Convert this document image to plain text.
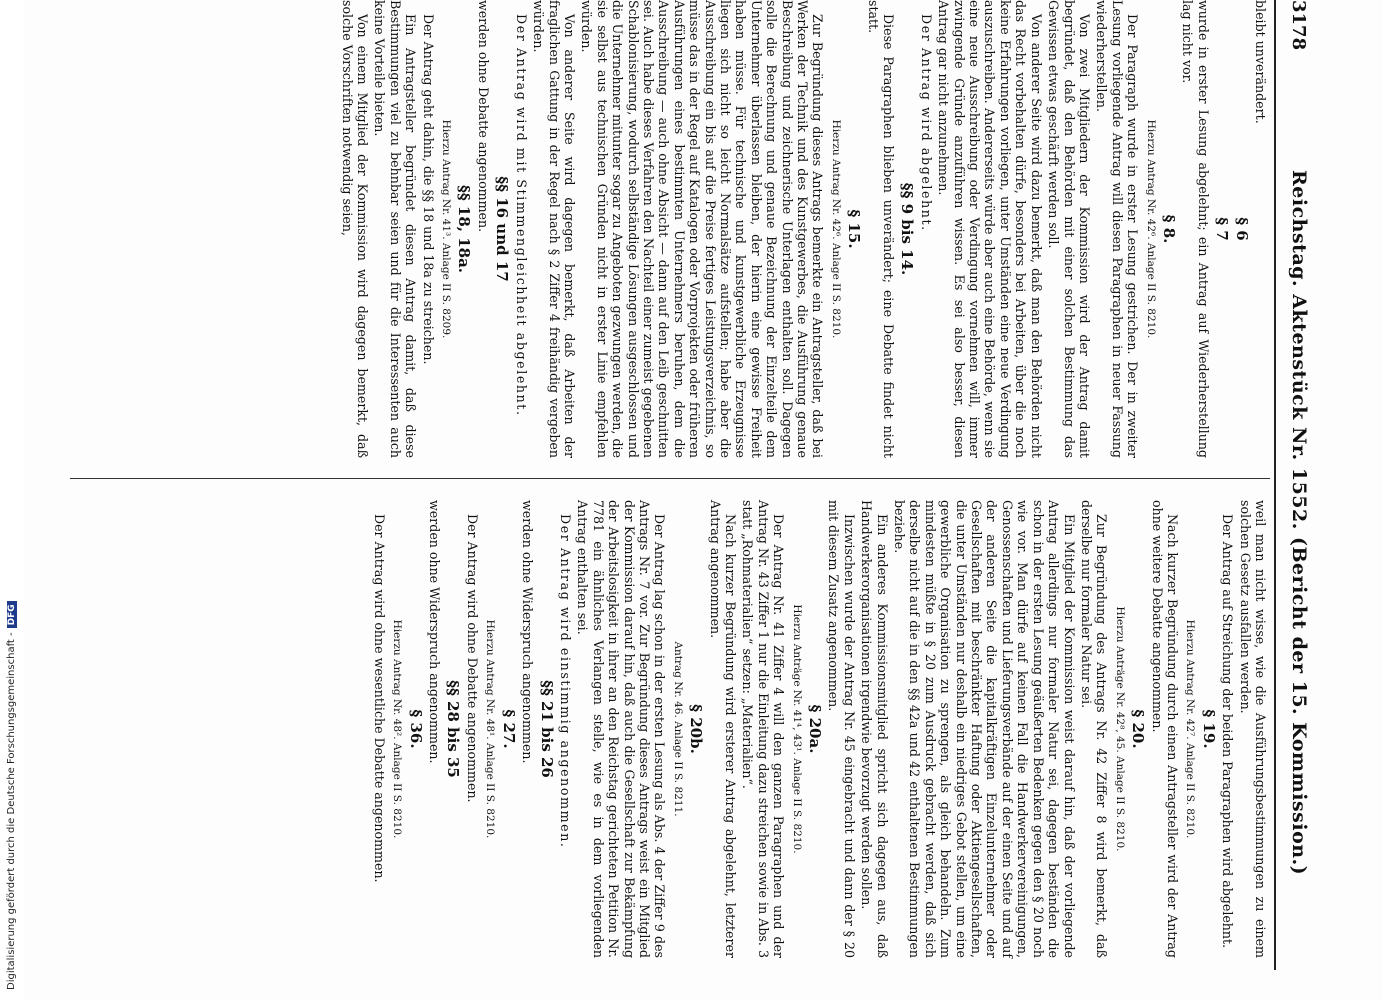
3178
Reichstag. Aktenstück Nr. 1552. (Bericht der 15. Kommission.)

bleibt unverändert.

§ 6
§ 7

wurde in erster Lesung abgelehnt; ein Antrag auf Wiederherstellung lag nicht vor.

§ 8.
Hierzu Antrag Nr. 42⁶. Anlage II S. 8210.

Der Paragraph wurde in erster Lesung gestrichen. Der in zweiter Lesung vorliegende Antrag will diesen Paragraphen in neuer Fassung wiederherstellen.

Von zwei Mitgliedern der Kommission wird der Antrag damit begründet, daß den Behörden mit einer solchen Bestimmung das Gewissen etwas geschärft werden soll.

Von anderer Seite wird dazu bemerkt, daß man den Behörden nicht das Recht vorbehalten dürfe, besonders bei Arbeiten, über die noch keine Erfahrungen vorliegen, unter Umständen eine neue Verdingung auszuschreiben. Andererseits würde aber auch eine Behörde, wenn sie eine neue Ausschreibung oder Verdingung vornehmen will, immer zwingende Gründe anzuführen wissen. Es sei also besser, diesen Antrag gar nicht anzunehmen.

Der Antrag wird abgelehnt.

§§ 9 bis 14.

Diese Paragraphen blieben unverändert; eine Debatte findet nicht statt.

§ 15.
Hierzu Antrag Nr. 42⁶. Anlage II S. 8210.

Zur Begründung dieses Antrags bemerkte ein Antragsteller, daß bei Werken der Technik und des Kunstgewerbes, die Ausführung genaue Beschreibung und zeichnerische Unterlagen enthalten soll. Dagegen solle die Berechnung und genaue Bezeichnung der Einzelteile dem Unternehmer überlassen bleiben, der hierin eine gewisse Freiheit haben müsse. Für technische und kunstgewerbliche Erzeugnisse liegen sich nicht so leicht Normalsätze aufstellen; habe aber die Ausschreibung ein bis auf die Preise fertiges Leistungsverzeichnis, so müsse das in der Regel auf Katalogen oder Vorprojekten oder früheren Ausführungen eines bestimmten Unternehmers beruhen, dem die Ausschreibung — auch ohne Absicht — dann auf den Leib geschnitten sei. Auch habe dieses Verfahren den Nachteil einer zumeist gegebenen Schablonisierung, wodurch selbständige Lösungen ausgeschlossen und die Unternehmer mitunter sogar zu Angeboten gezwungen werden, die sie selbst aus technischen Gründen nicht in erster Linie empfehlen würden.

Von anderer Seite wird dagegen bemerkt, daß Arbeiten der fraglichen Gattung in der Regel nach § 2 Ziffer 4 freihändig vergeben würden.

Der Antrag wird mit Stimmengleichheit abgelehnt.

§§ 16 und 17

werden ohne Debatte angenommen.

§§ 18, 18a.
Hierzu Antrag Nr. 41³. Anlage II S. 8209.

Der Antrag geht dahin, die §§ 18 und 18a zu streichen.

Ein Antragsteller begründet diesen Antrag damit, daß diese Bestimmungen viel zu behnbar seien und für die Interessenten auch keine Vorteile bieten.

Von einem Mitglied der Kommission wird dagegen bemerkt, daß solche Vorschriften notwendig seien,

weil man nicht wisse, wie die Ausführungsbestimmungen zu einem solchen Gesetz ausfallen werden.

Der Antrag auf Streichung der beiden Paragraphen wird abgelehnt.

§ 19.
Hierzu Antrag Nr. 42⁷. Anlage II S. 8210.

Nach kurzer Begründung durch einen Antragsteller wird der Antrag ohne weitere Debatte angenommen.

§ 20.
Hierzu Anträge Nr. 42⁸, 45. Anlage II S. 8210.

Zur Begründung des Antrags Nr. 42 Ziffer 8 wird bemerkt, daß derselbe nur formaler Natur sei.

Ein Mitglied der Kommission weist darauf hin, daß der vorliegende Antrag allerdings nur formaler Natur sei, dagegen beständen die schon in der ersten Lesung geäußerten Bedenken gegen den § 20 noch wie vor. Man dürfe auf keinen Fall die Handwerkervereinigungen, Genossenschaften und Lieferungsverbände auf der einen Seite und auf der anderen Seite die kapitalkräftigen Einzelunternehmer oder Gesellschaften mit beschränkter Haftung oder Aktiengesellschaften, die unter Umständen nur deshalb ein niedriges Gebot stellen, um eine gewerbliche Organisation zu sprengen, als gleich behandeln. Zum mindesten müßte in § 20 zum Ausdruck gebracht werden, daß sich derselbe nicht auf die in den §§ 42a und 42 enthaltenen Bestimmungen beziehe.

Ein anderes Kommissionsmitglied spricht sich dagegen aus, daß Handwerkerorganisationen irgendwie bevorzugt werden sollen.

Inzwischen wurde der Antrag Nr. 45 eingebracht und dann der § 20 mit diesem Zusatz angenommen.

§ 20a.
Hierzu Anträge Nr. 41⁴, 43¹. Anlage II S. 8210.

Der Antrag Nr. 41 Ziffer 4 will den ganzen Paragraphen und der Antrag Nr. 43 Ziffer 1 nur die Einleitung dazu streichen sowie in Abs. 3 statt „Rohmaterialien“ setzen: „Materialien“.

Nach kurzer Begründung wird ersterer Antrag abgelehnt, letzterer Antrag angenommen.

§ 20b.
Antrag Nr. 46. Anlage II S. 8211.

Der Antrag lag schon in der ersten Lesung als Abs. 4 der Ziffer 9 des Antrags Nr. 7 vor. Zur Begründung dieses Antrags weist ein Mitglied der Kommission darauf hin, daß auch die Gesellschaft zur Bekämpfung der Arbeitslosigkeit in ihrer an den Reichstag gerichteten Petition Nr. 7781 ein ähnliches Verlangen stelle, wie es in dem vorliegenden Antrag enthalten sei.

Der Antrag wird einstimmig angenommen.

§§ 21 bis 26

werden ohne Widerspruch angenommen.

§ 27.
Hierzu Antrag Nr. 48¹. Anlage II S. 8210.

Der Antrag wird ohne Debatte angenommen.

§§ 28 bis 35

werden ohne Widerspruch angenommen.

§ 36.
Hierzu Antrag Nr. 48². Anlage II S. 8210.

Der Antrag wird ohne wesentliche Debatte angenommen.

Digitalisierung gefördert durch die Deutsche Forschungsgemeinschaft -DFG
